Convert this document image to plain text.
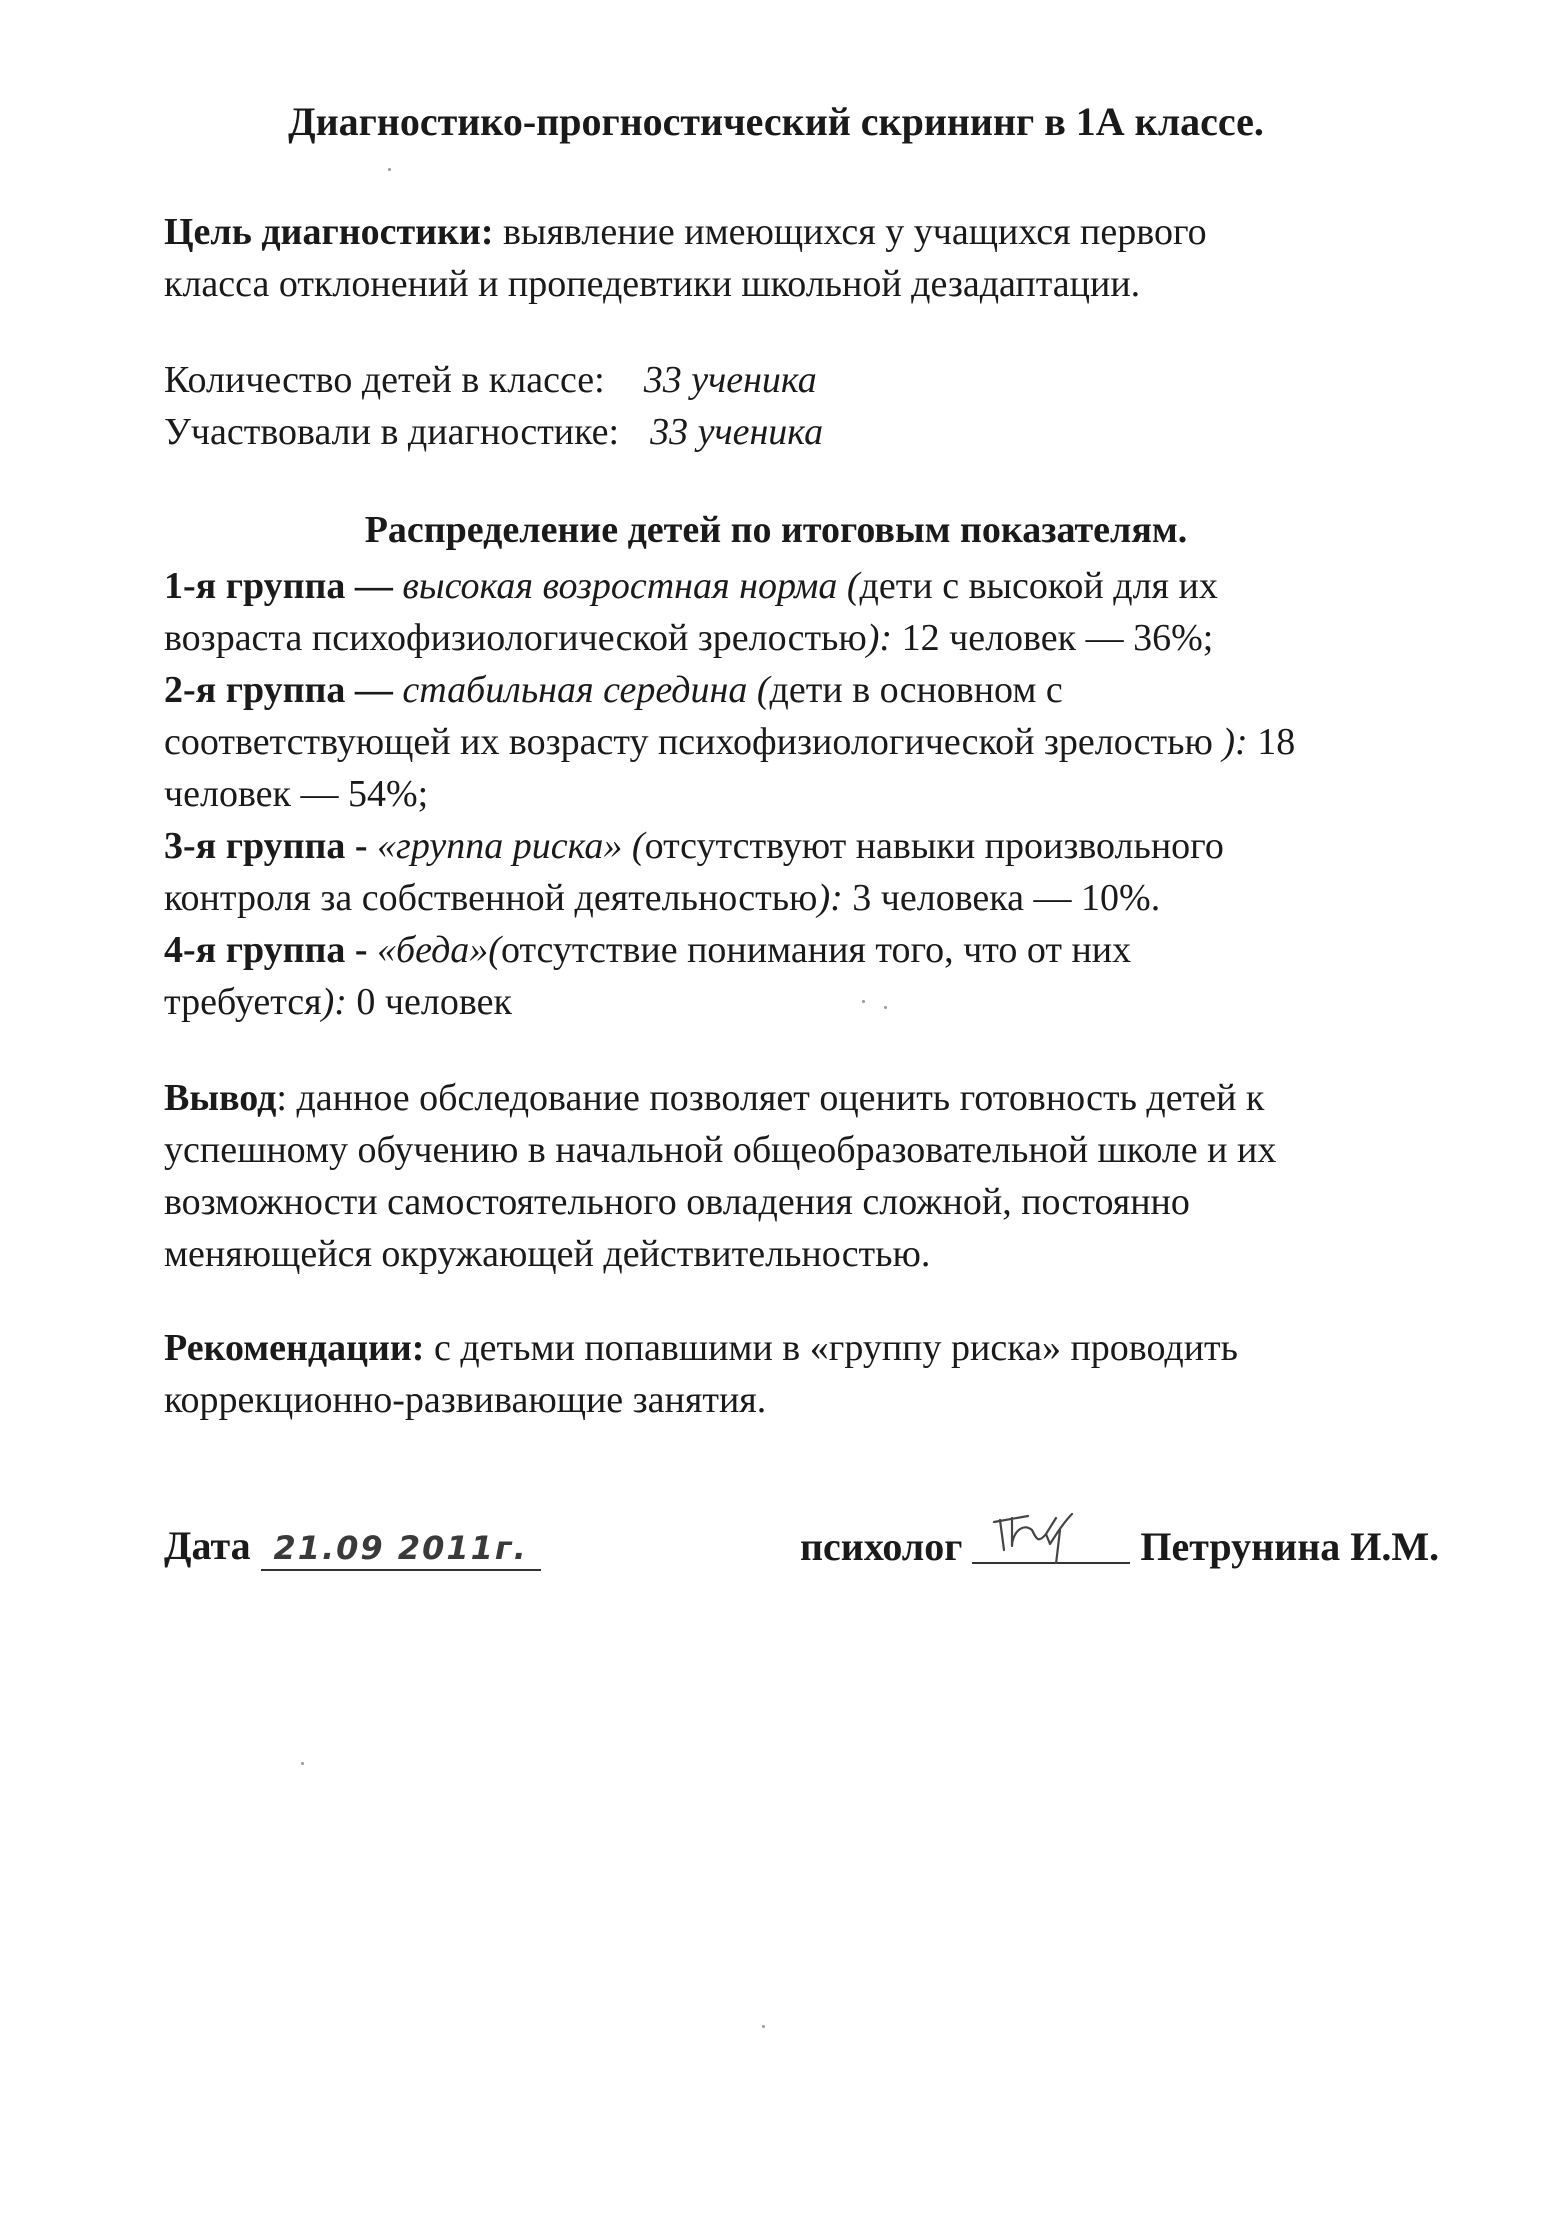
Диагностико-прогностический скрининг в 1А классе.
Цель диагностики: выявление имеющихся у учащихся первого
класса отклонений и пропедевтики школьной дезадаптации.
Количество детей в классе: 33 ученика
Участвовали в диагностике: 33 ученика
Распределение детей по итоговым показателям.
1-я группа — высокая возростная норма (дети с высокой для их
возраста психофизиологической зрелостью): 12 человек — 36%;
2-я группа — стабильная середина (дети в основном с
соответствующей их возрасту психофизиологической зрелостью ): 18
человек — 54%;
3-я группа - «группа риска» (отсутствуют навыки произвольного
контроля за собственной деятельностью): 3 человека — 10%.
4-я группа - «беда»(отсутствие понимания того, что от них
требуется): 0 человек
Вывод: данное обследование позволяет оценить готовность детей к
успешному обучению в начальной общеобразовательной школе и их
возможности самостоятельного овладения сложной, постоянно
меняющейся окружающей действительностью.
Рекомендации: с детьми попавшими в «группу риска» проводить
коррекционно-развивающие занятия.
Дата 21.09 2011г.	психолог	Петрунина И.М.
